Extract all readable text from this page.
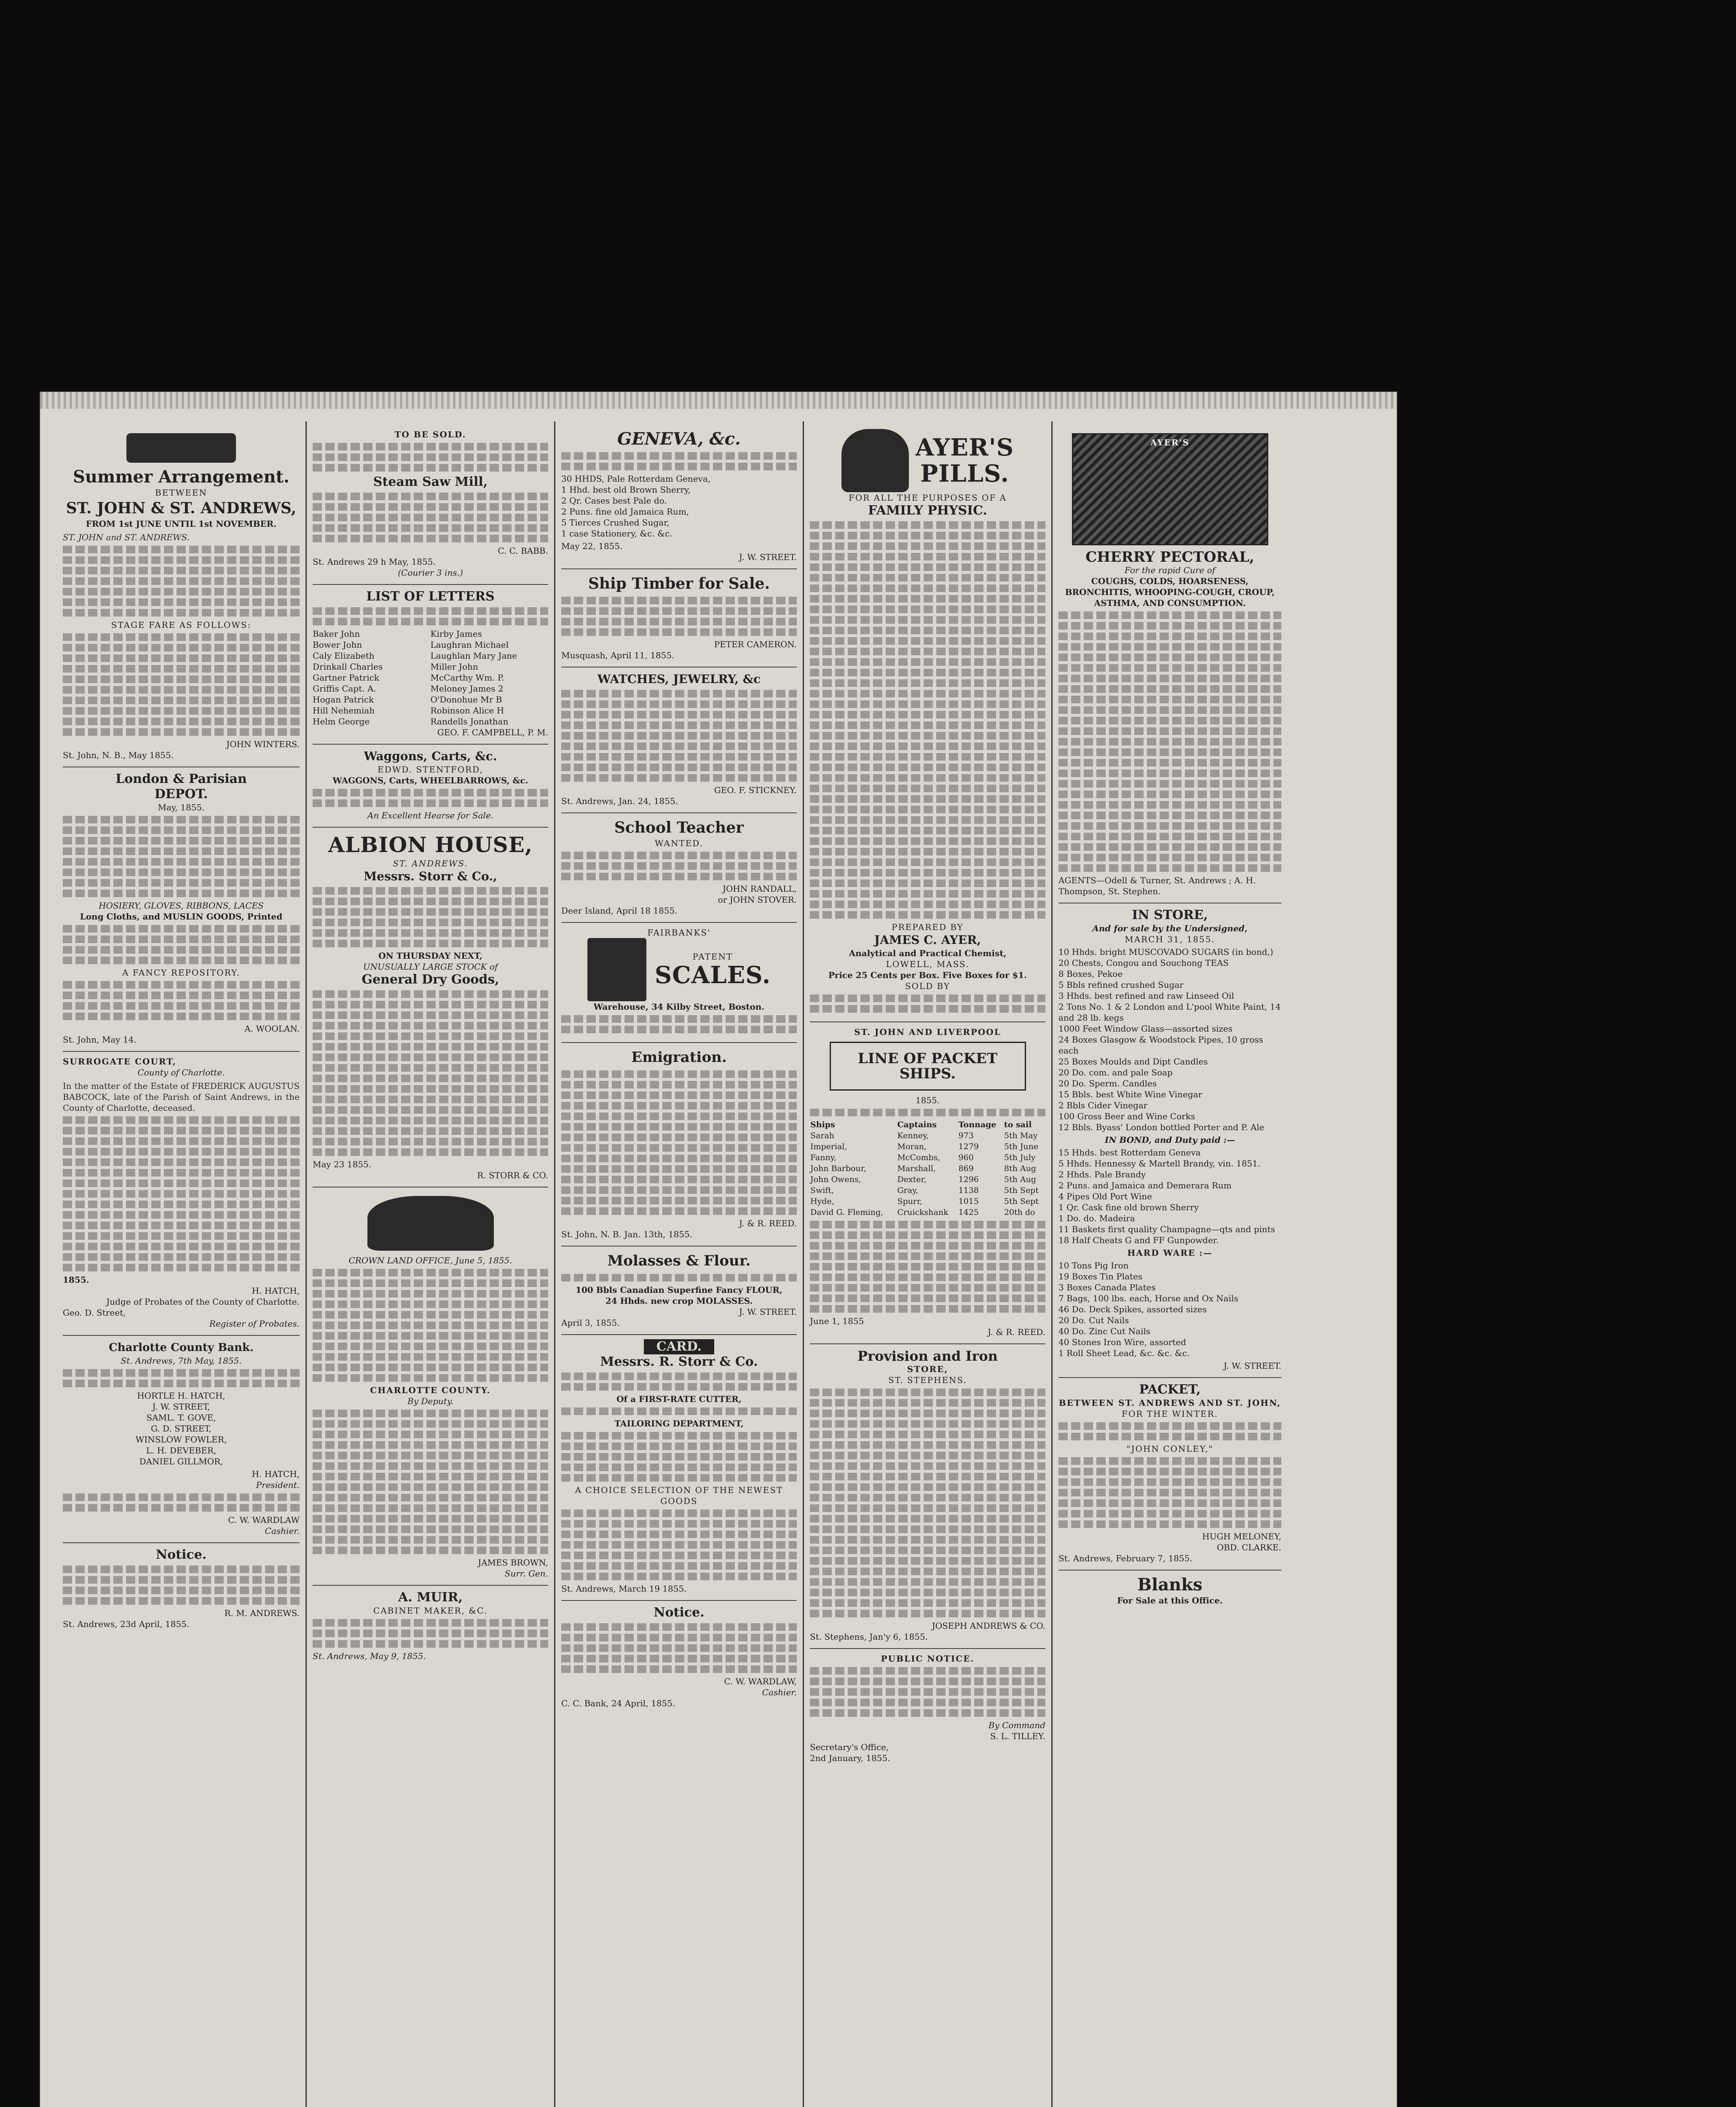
Summer Arrangement.
BETWEEN
ST. JOHN & ST. ANDREWS,
FROM 1st JUNE UNTIL 1st NOVEMBER.
ST. JOHN and ST. ANDREWS.
STAGE FARE AS FOLLOWS:
JOHN WINTERS.
St. John, N. B., May 1855.
London & Parisian
DEPOT.
May, 1855.
HOSIERY, GLOVES, RIBBONS, LACES
Long Cloths, and MUSLIN GOODS, Printed
A FANCY REPOSITORY.
A. WOOLAN.
St. John, May 14.
SURROGATE COURT,
County of Charlotte.
In the matter of the Estate of FREDERICK AUGUSTUS BABCOCK, late of the Parish of Saint Andrews, in the County of Charlotte, deceased.
1855.
H. HATCH,
Judge of Probates of the County of Charlotte.
Geo. D. Street,
Register of Probates.
Charlotte County Bank.
St. Andrews, 7th May, 1855.
HORTLE H. HATCH,
J. W. STREET,
SAML. T. GOVE,
G. D. STREET,
WINSLOW FOWLER,
L. H. DEVEBER,
DANIEL GILLMOR,
H. HATCH,
President.
C. W. WARDLAW
Cashier.
Notice.
R. M. ANDREWS.
St. Andrews, 23d April, 1855.
TO BE SOLD.
Steam Saw Mill,
C. C. BABB.
St. Andrews 29 h May, 1855.
(Courier 3 ins.)
LIST OF LETTERS
Baker John	Kirby James
Bower John	Laughran Michael
Caly Elizabeth	Laughlan Mary Jane
Drinkall Charles	Miller John
Gartner Patrick	McCarthy Wm. P.
Griffis Capt. A.	Meloney James 2
Hogan Patrick	O'Donohue Mr B
Hill Nehemiah	Robinson Alice H
Helm George	Randells Jonathan
GEO. F. CAMPBELL, P. M.
Waggons, Carts, &c.
EDWD. STENTFORD,
WAGGONS, Carts, WHEELBARROWS, &c.
An Excellent Hearse for Sale.
ALBION HOUSE,
ST. ANDREWS.
Messrs. Storr & Co.,
ON THURSDAY NEXT,
UNUSUALLY LARGE STOCK of
General Dry Goods,
May 23 1855.
R. STORR & CO.
CROWN LAND OFFICE, June 5, 1855.
CHARLOTTE COUNTY.
By Deputy.
JAMES BROWN,
Surr. Gen.
A. MUIR,
CABINET MAKER, &C.
St. Andrews, May 9, 1855.
GENEVA, &c.
30 HHDS, Pale Rotterdam Geneva,
1 Hhd. best old Brown Sherry,
2 Qr. Cases best Pale do.
2 Puns. fine old Jamaica Rum,
5 Tierces Crushed Sugar,
1 case Stationery, &c. &c.
May 22, 1855.
J. W. STREET.
Ship Timber for Sale.
PETER CAMERON.
Musquash, April 11, 1855.
WATCHES, JEWELRY, &c
GEO. F. STICKNEY.
St. Andrews, Jan. 24, 1855.
School Teacher
WANTED.
JOHN RANDALL,
or JOHN STOVER.
Deer Island, April 18 1855.
FAIRBANKS'
PATENT
SCALES.
Warehouse, 34 Kilby Street, Boston.
Emigration.
J. & R. REED.
St. John, N. B. Jan. 13th, 1855.
Molasses & Flour.
100 Bbls Canadian Superfine Fancy FLOUR,
24 Hhds. new crop MOLASSES.
J. W. STREET.
April 3, 1855.
CARD.
Messrs. R. Storr & Co.
Of a FIRST-RATE CUTTER,
TAILORING DEPARTMENT,
A CHOICE SELECTION OF THE NEWEST GOODS
St. Andrews, March 19 1855.
Notice.
C. W. WARDLAW,
Cashier.
C. C. Bank, 24 April, 1855.
AYER'S
PILLS.
FOR ALL THE PURPOSES OF A
FAMILY PHYSIC.
PREPARED BY
JAMES C. AYER,
Analytical and Practical Chemist,
LOWELL, MASS.
Price 25 Cents per Box. Five Boxes for $1.
SOLD BY
ST. JOHN AND LIVERPOOL
LINE OF PACKET SHIPS.
1855.
Ships	Captains	Tonnage	to sail
Sarah	Kenney,	973	5th May
Imperial,	Moran,	1279	5th June
Fanny,	McCombs,	960	5th July
John Barbour,	Marshall,	869	8th Aug
John Owens,	Dexter,	1296	5th Aug
Swift,	Gray,	1138	5th Sept
Hyde,	Spurr,	1015	5th Sept
David G. Fleming,	Cruickshank	1425	20th do
June 1, 1855
J. & R. REED.
Provision and Iron
STORE,
ST. STEPHENS.
JOSEPH ANDREWS & CO.
St. Stephens, Jan'y 6, 1855.
PUBLIC NOTICE.
By Command
S. L. TILLEY.
Secretary's Office,
2nd January, 1855.
AYER'S
CHERRY PECTORAL,
For the rapid Cure of
COUGHS, COLDS, HOARSENESS, BRONCHITIS, WHOOPING-COUGH, CROUP, ASTHMA, AND CONSUMPTION.
AGENTS—Odell & Turner, St. Andrews ; A. H. Thompson, St. Stephen.
IN STORE,
And for sale by the Undersigned,
MARCH 31, 1855.
10 Hhds. bright MUSCOVADO SUGARS (in bond,)
20 Chests, Congou and Souchong TEAS
8 Boxes, Pekoe
5 Bbls refined crushed Sugar
3 Hhds. best refined and raw Linseed Oil
2 Tons No. 1 & 2 London and L'pool White Paint, 14 and 28 lb. kegs
1000 Feet Window Glass—assorted sizes
24 Boxes Glasgow & Woodstock Pipes, 10 gross each
25 Boxes Moulds and Dipt Candles
20 Do. com. and pale Soap
20 Do. Sperm. Candles
15 Bbls. best White Wine Vinegar
2 Bbls Cider Vinegar
100 Gross Beer and Wine Corks
12 Bbls. Byass' London bottled Porter and P. Ale
IN BOND, and Duty paid :—
15 Hhds. best Rotterdam Geneva
5 Hhds. Hennessy & Martell Brandy, vin. 1851.
2 Hhds. Pale Brandy
2 Puns. and Jamaica and Demerara Rum
4 Pipes Old Port Wine
1 Qr. Cask fine old brown Sherry
1 Do. do. Madeira
11 Baskets first quality Champagne—qts and pints
18 Half Cheats G and FF Gunpowder.
HARD WARE :—
10 Tons Pig Iron
19 Boxes Tin Plates
3 Boxes Canada Plates
7 Bags, 100 lbs. each, Horse and Ox Nails
46 Do. Deck Spikes, assorted sizes
20 Do. Cut Nails
40 Do. Zinc Cut Nails
40 Stones Iron Wire, assorted
1 Roll Sheet Lead, &c. &c. &c.
J. W. STREET.
PACKET,
BETWEEN ST. ANDREWS AND ST. JOHN,
FOR THE WINTER.
"JOHN CONLEY,"
HUGH MELONEY,
OBD. CLARKE.
St. Andrews, February 7, 1855.
Blanks
For Sale at this Office.
